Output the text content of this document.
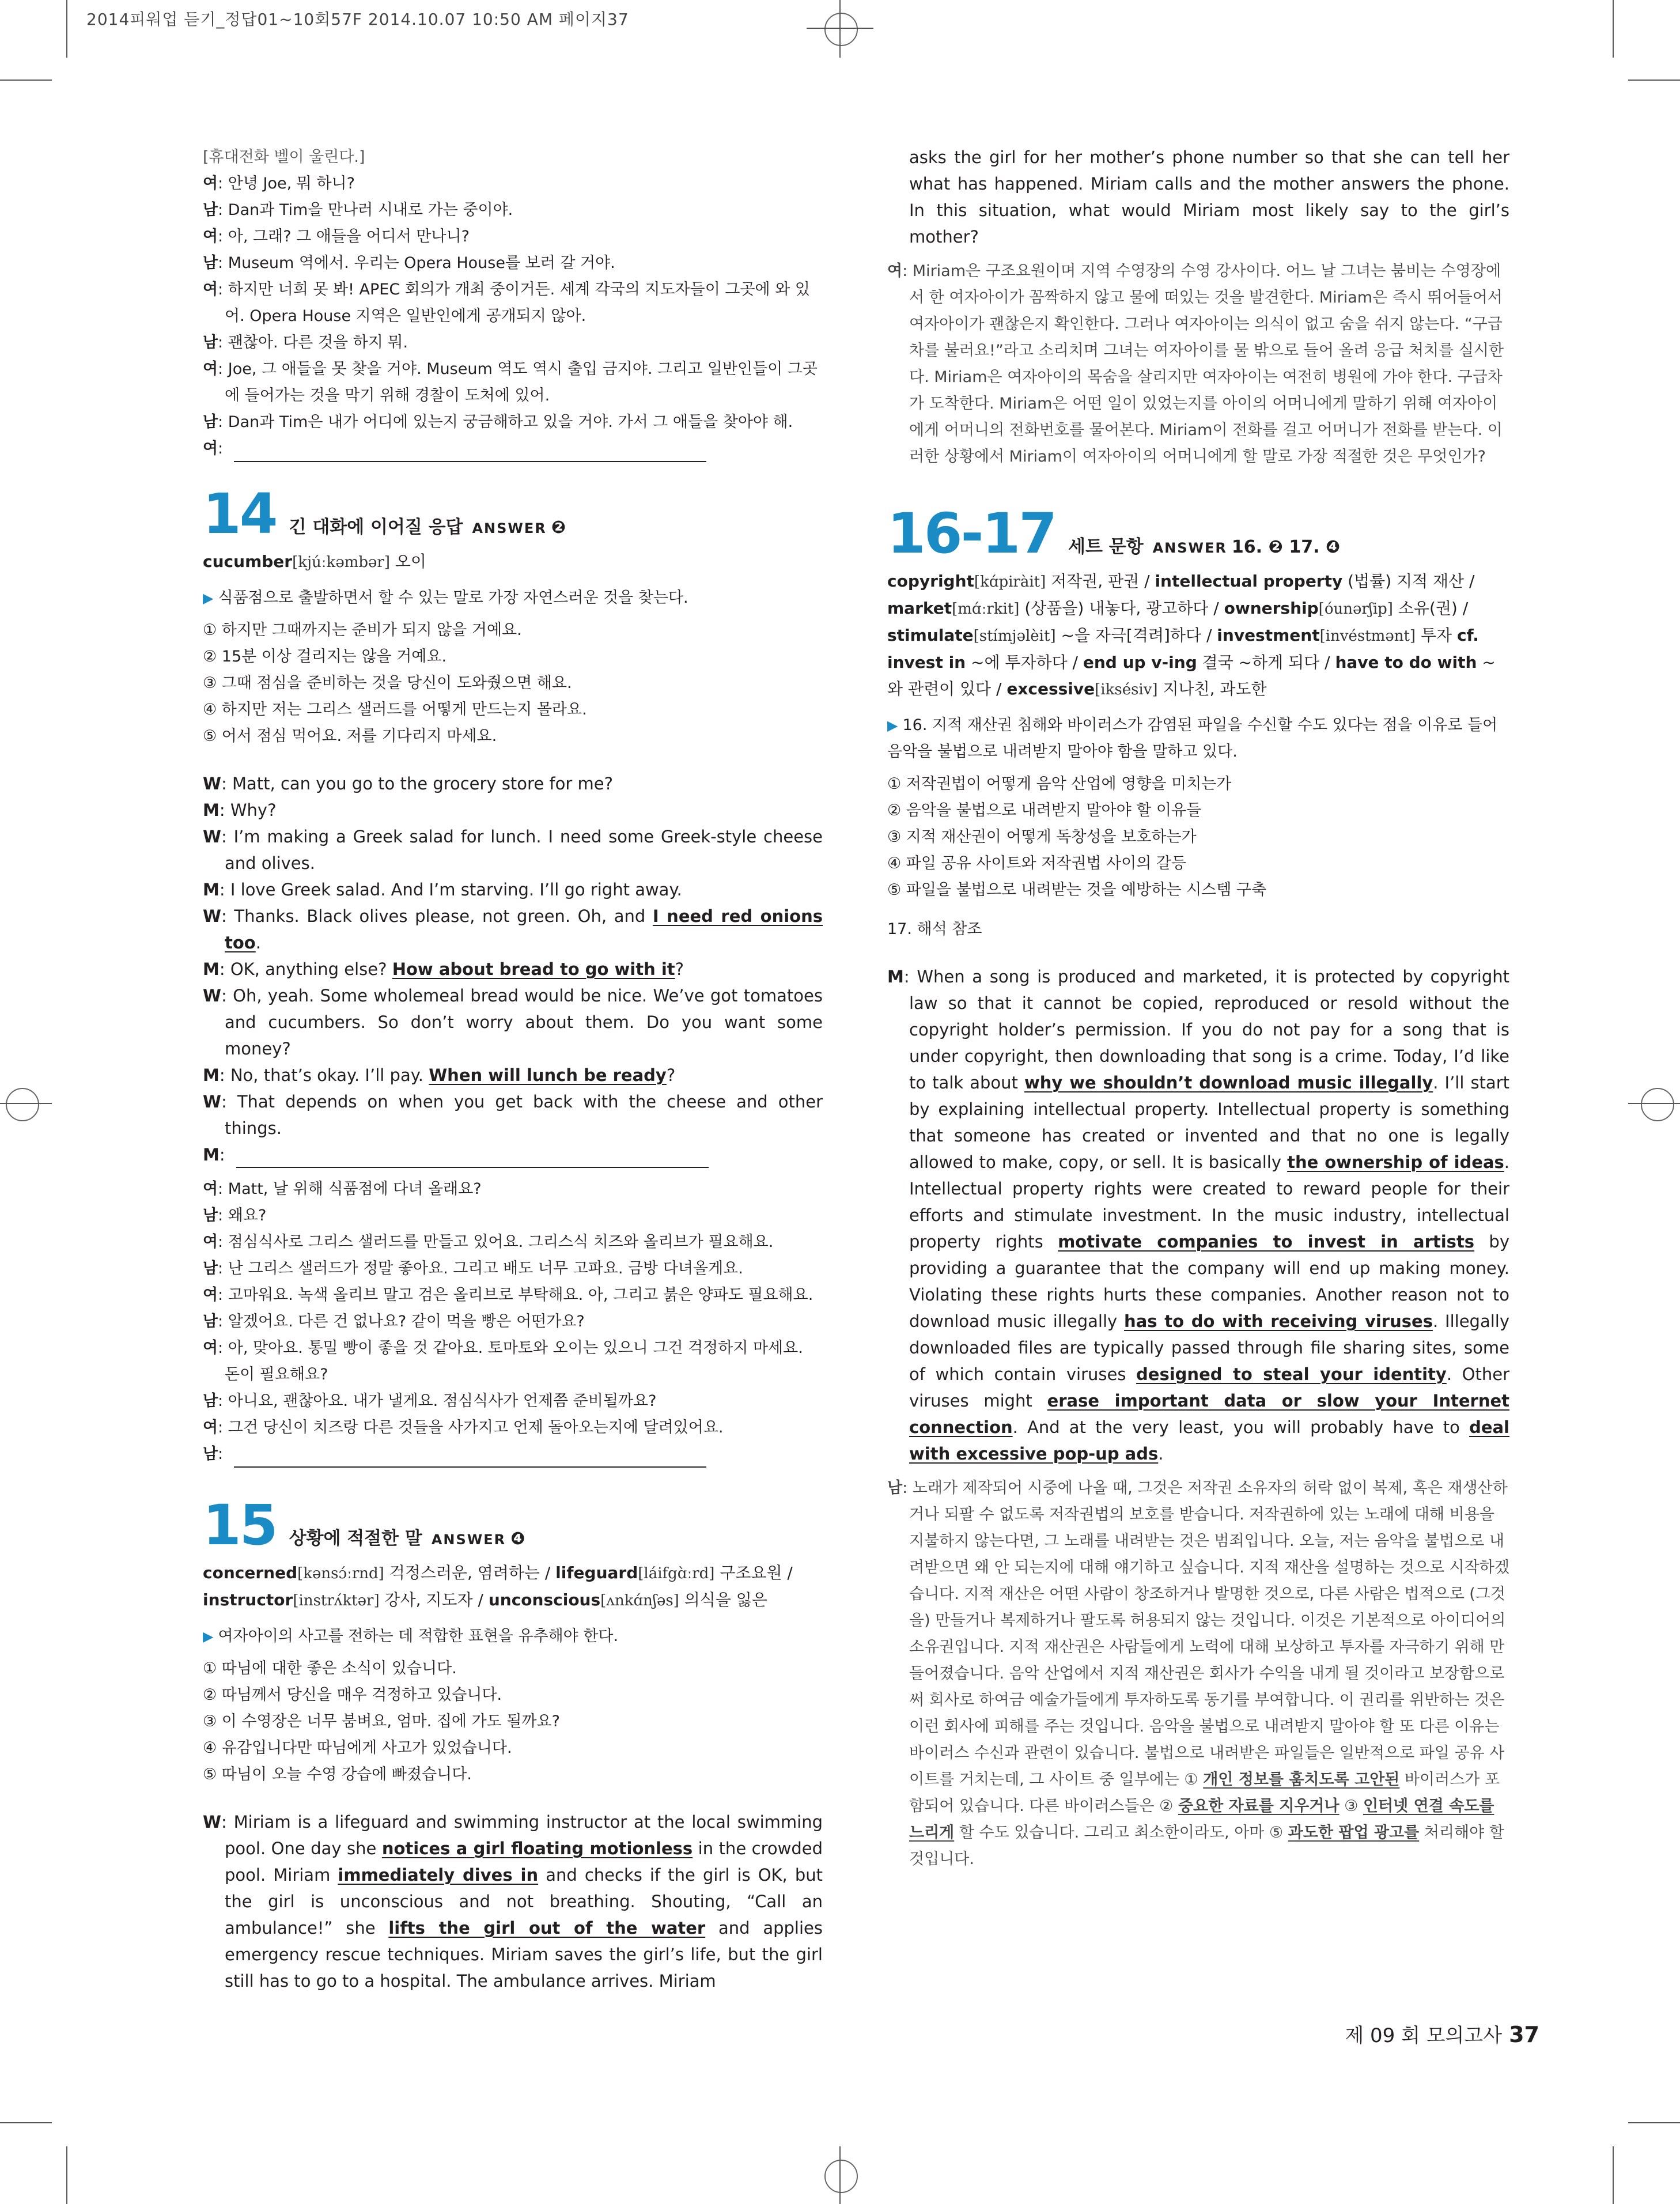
2014피워업 듣기_정답01~10회57F 2014.10.07 10:50 AM 페이지37
[휴대전화 벨이 울린다.]
여: 안녕 Joe, 뭐 하니?
남: Dan과 Tim을 만나러 시내로 가는 중이야.
여: 아, 그래? 그 애들을 어디서 만나니?
남: Museum 역에서. 우리는 Opera House를 보러 갈 거야.
여: 하지만 너희 못 봐! APEC 회의가 개최 중이거든. 세계 각국의 지도자들이 그곳에 와 있어. Opera House 지역은 일반인에게 공개되지 않아.
남: 괜찮아. 다른 것을 하지 뭐.
여: Joe, 그 애들을 못 찾을 거야. Museum 역도 역시 출입 금지야. 그리고 일반인들이 그곳에 들어가는 것을 막기 위해 경찰이 도처에 있어.
남: Dan과 Tim은 내가 어디에 있는지 궁금해하고 있을 거야. 가서 그 애들을 찾아야 해.
여:
14 긴 대화에 이어질 응답 ANSWER ❷
cucumber[kjúːkəmbər] 오이
▶ 식품점으로 출발하면서 할 수 있는 말로 가장 자연스러운 것을 찾는다.
① 하지만 그때까지는 준비가 되지 않을 거예요.
② 15분 이상 걸리지는 않을 거예요.
③ 그때 점심을 준비하는 것을 당신이 도와줬으면 해요.
④ 하지만 저는 그리스 샐러드를 어떻게 만드는지 몰라요.
⑤ 어서 점심 먹어요. 저를 기다리지 마세요.
W: Matt, can you go to the grocery store for me?
M: Why?
W: I’m making a Greek salad for lunch. I need some Greek-style cheese and olives.
M: I love Greek salad. And I’m starving. I’ll go right away.
W: Thanks. Black olives please, not green. Oh, and I need red onions too.
M: OK, anything else? How about bread to go with it?
W: Oh, yeah. Some wholemeal bread would be nice. We’ve got tomatoes and cucumbers. So don’t worry about them. Do you want some money?
M: No, that’s okay. I’ll pay. When will lunch be ready?
W: That depends on when you get back with the cheese and other things.
M:
여: Matt, 날 위해 식품점에 다녀 올래요?
남: 왜요?
여: 점심식사로 그리스 샐러드를 만들고 있어요. 그리스식 치즈와 올리브가 필요해요.
남: 난 그리스 샐러드가 정말 좋아요. 그리고 배도 너무 고파요. 금방 다녀올게요.
여: 고마워요. 녹색 올리브 말고 검은 올리브로 부탁해요. 아, 그리고 붉은 양파도 필요해요.
남: 알겠어요. 다른 건 없나요? 같이 먹을 빵은 어떤가요?
여: 아, 맞아요. 통밀 빵이 좋을 것 같아요. 토마토와 오이는 있으니 그건 걱정하지 마세요. 돈이 필요해요?
남: 아니요, 괜찮아요. 내가 낼게요. 점심식사가 언제쯤 준비될까요?
여: 그건 당신이 치즈랑 다른 것들을 사가지고 언제 돌아오는지에 달려있어요.
남:
15 상황에 적절한 말 ANSWER ❹
concerned[kənsɔ́ːrnd] 걱정스러운, 염려하는 / lifeguard[láifgɑ̀ːrd] 구조요원 / instructor[instrʌ́ktər] 강사, 지도자 / unconscious[ʌnkɑ́nʃəs] 의식을 잃은
▶ 여자아이의 사고를 전하는 데 적합한 표현을 유추해야 한다.
① 따님에 대한 좋은 소식이 있습니다.
② 따님께서 당신을 매우 걱정하고 있습니다.
③ 이 수영장은 너무 붐벼요, 엄마. 집에 가도 될까요?
④ 유감입니다만 따님에게 사고가 있었습니다.
⑤ 따님이 오늘 수영 강습에 빠졌습니다.
W: Miriam is a lifeguard and swimming instructor at the local swimming pool. One day she notices a girl floating motionless in the crowded pool. Miriam immediately dives in and checks if the girl is OK, but the girl is unconscious and not breathing. Shouting, “Call an ambulance!” she lifts the girl out of the water and applies emergency rescue techniques. Miriam saves the girl’s life, but the girl still has to go to a hospital. The ambulance arrives. Miriam
asks the girl for her mother’s phone number so that she can tell her what has happened. Miriam calls and the mother answers the phone. In this situation, what would Miriam most likely say to the girl’s mother?
여: Miriam은 구조요원이며 지역 수영장의 수영 강사이다. 어느 날 그녀는 붐비는 수영장에서 한 여자아이가 꼼짝하지 않고 물에 떠있는 것을 발견한다. Miriam은 즉시 뛰어들어서 여자아이가 괜찮은지 확인한다. 그러나 여자아이는 의식이 없고 숨을 쉬지 않는다. “구급차를 불러요!”라고 소리치며 그녀는 여자아이를 물 밖으로 들어 올려 응급 처치를 실시한다. Miriam은 여자아이의 목숨을 살리지만 여자아이는 여전히 병원에 가야 한다. 구급차가 도착한다. Miriam은 어떤 일이 있었는지를 아이의 어머니에게 말하기 위해 여자아이에게 어머니의 전화번호를 물어본다. Miriam이 전화를 걸고 어머니가 전화를 받는다. 이러한 상황에서 Miriam이 여자아이의 어머니에게 할 말로 가장 적절한 것은 무엇인가?
16-17 세트 문항 ANSWER 16. ❷ 17. ❹
copyright[kɑ́piràit] 저작권, 판권 / intellectual property (법률) 지적 재산 / market[mɑ́ːrkit] (상품을) 내놓다, 광고하다 / ownership[óunərʃip] 소유(권) / stimulate[stímjəlèit] ~을 자극[격려]하다 / investment[invéstmənt] 투자 cf. invest in ~에 투자하다 / end up v-ing 결국 ~하게 되다 / have to do with ~와 관련이 있다 / excessive[iksésiv] 지나친, 과도한
▶ 16. 지적 재산권 침해와 바이러스가 감염된 파일을 수신할 수도 있다는 점을 이유로 들어 음악을 불법으로 내려받지 말아야 함을 말하고 있다.
① 저작권법이 어떻게 음악 산업에 영향을 미치는가
② 음악을 불법으로 내려받지 말아야 할 이유들
③ 지적 재산권이 어떻게 독창성을 보호하는가
④ 파일 공유 사이트와 저작권법 사이의 갈등
⑤ 파일을 불법으로 내려받는 것을 예방하는 시스템 구축
17. 해석 참조
M: When a song is produced and marketed, it is protected by copyright law so that it cannot be copied, reproduced or resold without the copyright holder’s permission. If you do not pay for a song that is under copyright, then downloading that song is a crime. Today, I’d like to talk about why we shouldn’t download music illegally. I’ll start by explaining intellectual property. Intellectual property is something that someone has created or invented and that no one is legally allowed to make, copy, or sell. It is basically the ownership of ideas. Intellectual property rights were created to reward people for their efforts and stimulate investment. In the music industry, intellectual property rights motivate companies to invest in artists by providing a guarantee that the company will end up making money. Violating these rights hurts these companies. Another reason not to download music illegally has to do with receiving viruses. Illegally downloaded files are typically passed through file sharing sites, some of which contain viruses designed to steal your identity. Other viruses might erase important data or slow your Internet connection. And at the very least, you will probably have to deal with excessive pop-up ads.
남: 노래가 제작되어 시중에 나올 때, 그것은 저작권 소유자의 허락 없이 복제, 혹은 재생산하거나 되팔 수 없도록 저작권법의 보호를 받습니다. 저작권하에 있는 노래에 대해 비용을 지불하지 않는다면, 그 노래를 내려받는 것은 범죄입니다. 오늘, 저는 음악을 불법으로 내려받으면 왜 안 되는지에 대해 얘기하고 싶습니다. 지적 재산을 설명하는 것으로 시작하겠습니다. 지적 재산은 어떤 사람이 창조하거나 발명한 것으로, 다른 사람은 법적으로 (그것을) 만들거나 복제하거나 팔도록 허용되지 않는 것입니다. 이것은 기본적으로 아이디어의 소유권입니다. 지적 재산권은 사람들에게 노력에 대해 보상하고 투자를 자극하기 위해 만들어졌습니다. 음악 산업에서 지적 재산권은 회사가 수익을 내게 될 것이라고 보장함으로써 회사로 하여금 예술가들에게 투자하도록 동기를 부여합니다. 이 권리를 위반하는 것은 이런 회사에 피해를 주는 것입니다. 음악을 불법으로 내려받지 말아야 할 또 다른 이유는 바이러스 수신과 관련이 있습니다. 불법으로 내려받은 파일들은 일반적으로 파일 공유 사이트를 거치는데, 그 사이트 중 일부에는 ① 개인 정보를 훔치도록 고안된 바이러스가 포함되어 있습니다. 다른 바이러스들은 ② 중요한 자료를 지우거나 ③ 인터넷 연결 속도를 느리게 할 수도 있습니다. 그리고 최소한이라도, 아마 ⑤ 과도한 팝업 광고를 처리해야 할 것입니다.
제 09 회 모의고사 37
